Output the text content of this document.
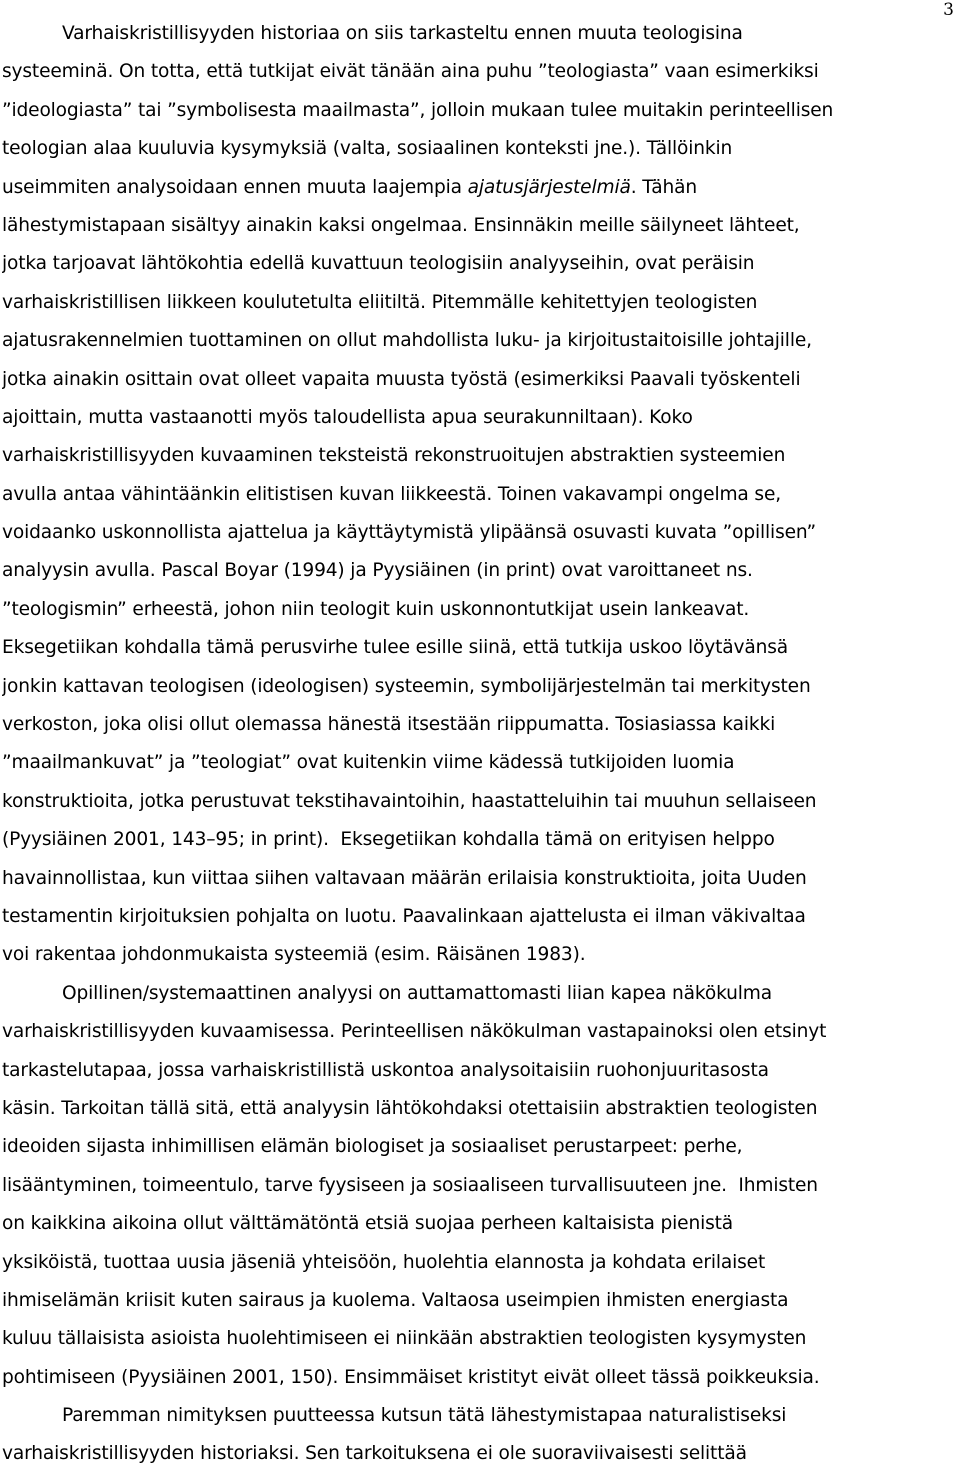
3
Varhaiskristillisyyden historiaa on siis tarkasteltu ennen muuta teologisina
systeeminä. On totta, että tutkijat eivät tänään aina puhu ”teologiasta” vaan esimerkiksi
”ideologiasta” tai ”symbolisesta maailmasta”, jolloin mukaan tulee muitakin perinteellisen
teologian alaa kuuluvia kysymyksiä (valta, sosiaalinen konteksti jne.). Tällöinkin
useimmiten analysoidaan ennen muuta laajempia ajatusjärjestelmiä. Tähän
lähestymistapaan sisältyy ainakin kaksi ongelmaa. Ensinnäkin meille säilyneet lähteet,
jotka tarjoavat lähtökohtia edellä kuvattuun teologisiin analyyseihin, ovat peräisin
varhaiskristillisen liikkeen koulutetulta eliitiltä. Pitemmälle kehitettyjen teologisten
ajatusrakennelmien tuottaminen on ollut mahdollista luku- ja kirjoitustaitoisille johtajille,
jotka ainakin osittain ovat olleet vapaita muusta työstä (esimerkiksi Paavali työskenteli
ajoittain, mutta vastaanotti myös taloudellista apua seurakunniltaan). Koko
varhaiskristillisyyden kuvaaminen teksteistä rekonstruoitujen abstraktien systeemien
avulla antaa vähintäänkin elitistisen kuvan liikkeestä. Toinen vakavampi ongelma se,
voidaanko uskonnollista ajattelua ja käyttäytymistä ylipäänsä osuvasti kuvata ”opillisen”
analyysin avulla. Pascal Boyar (1994) ja Pyysiäinen (in print) ovat varoittaneet ns.
”teologismin” erheestä, johon niin teologit kuin uskonnontutkijat usein lankeavat.
Eksegetiikan kohdalla tämä perusvirhe tulee esille siinä, että tutkija uskoo löytävänsä
jonkin kattavan teologisen (ideologisen) systeemin, symbolijärjestelmän tai merkitysten
verkoston, joka olisi ollut olemassa hänestä itsestään riippumatta. Tosiasiassa kaikki
”maailmankuvat” ja ”teologiat” ovat kuitenkin viime kädessä tutkijoiden luomia
konstruktioita, jotka perustuvat tekstihavaintoihin, haastatteluihin tai muuhun sellaiseen
(Pyysiäinen 2001, 143–95; in print).  Eksegetiikan kohdalla tämä on erityisen helppo
havainnollistaa, kun viittaa siihen valtavaan määrän erilaisia konstruktioita, joita Uuden
testamentin kirjoituksien pohjalta on luotu. Paavalinkaan ajattelusta ei ilman väkivaltaa
voi rakentaa johdonmukaista systeemiä (esim. Räisänen 1983).
Opillinen/systemaattinen analyysi on auttamattomasti liian kapea näkökulma
varhaiskristillisyyden kuvaamisessa. Perinteellisen näkökulman vastapainoksi olen etsinyt
tarkastelutapaa, jossa varhaiskristillistä uskontoa analysoitaisiin ruohonjuuritasosta
käsin. Tarkoitan tällä sitä, että analyysin lähtökohdaksi otettaisiin abstraktien teologisten
ideoiden sijasta inhimillisen elämän biologiset ja sosiaaliset perustarpeet: perhe,
lisääntyminen, toimeentulo, tarve fyysiseen ja sosiaaliseen turvallisuuteen jne.  Ihmisten
on kaikkina aikoina ollut välttämätöntä etsiä suojaa perheen kaltaisista pienistä
yksiköistä, tuottaa uusia jäseniä yhteisöön, huolehtia elannosta ja kohdata erilaiset
ihmiselämän kriisit kuten sairaus ja kuolema. Valtaosa useimpien ihmisten energiasta
kuluu tällaisista asioista huolehtimiseen ei niinkään abstraktien teologisten kysymysten
pohtimiseen (Pyysiäinen 2001, 150). Ensimmäiset kristityt eivät olleet tässä poikkeuksia.
Paremman nimityksen puutteessa kutsun tätä lähestymistapaa naturalistiseksi
varhaiskristillisyyden historiaksi. Sen tarkoituksena ei ole suoraviivaisesti selittää
